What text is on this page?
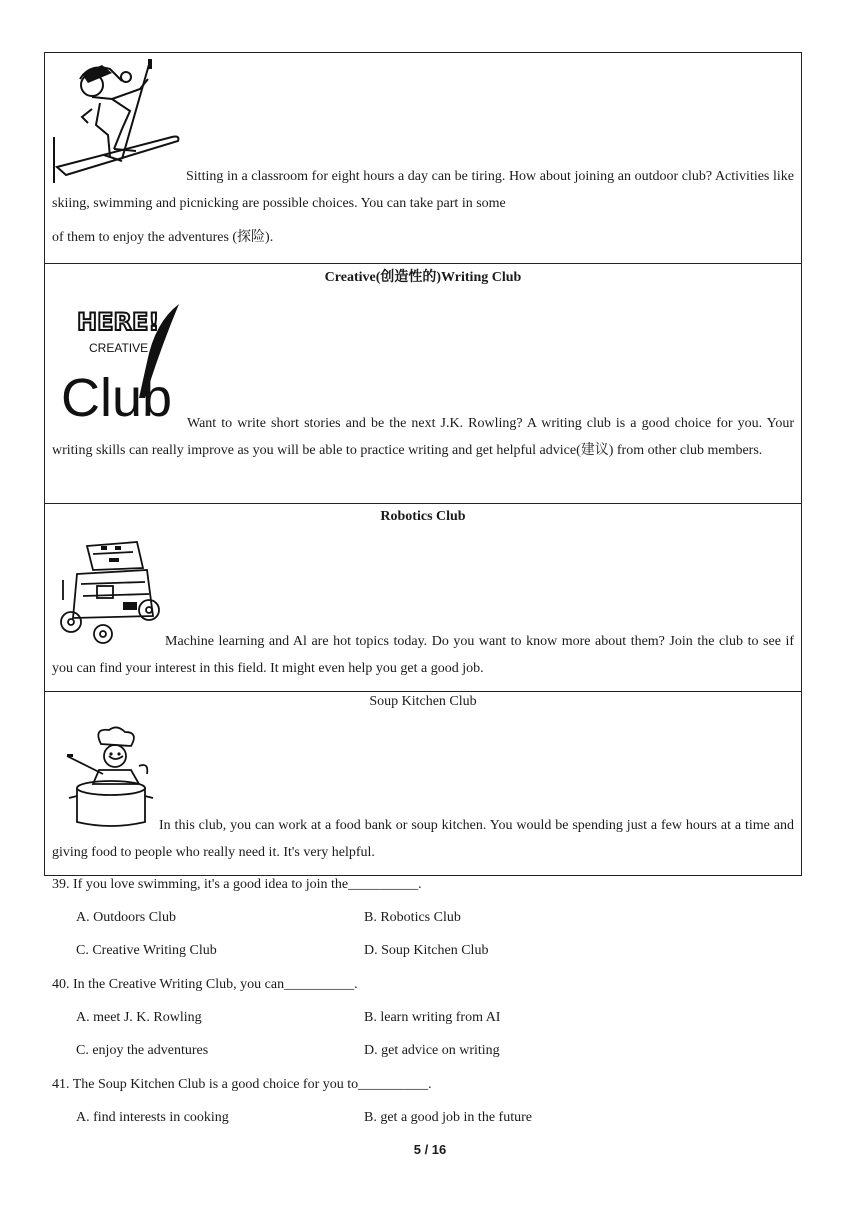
Sitting in a classroom for eight hours a day can be tiring. How about joining an outdoor club? Activities like skiing, swimming and picnicking are possible choices. You can take part in some
of them to enjoy the adventures (探险).
Creative(创造性的)Writing Club
HERE!
CREATIVE
Club	Want to write short stories and be the next J.K. Rowling? A writing club is a good choice for you. Your writing skills can really improve as you will be able to practice writing and get helpful advice(建议) from other club members.
Robotics Club
Machine learning and Al are hot topics today. Do you want to know more about them? Join the club to see if you can find your interest in this field. It might even help you get a good job.
Soup Kitchen Club
In this club, you can work at a food bank or soup kitchen. You would be spending just a few hours at a time and giving food to people who really need it. It's very helpful.
39. If you love swimming, it's a good idea to join the__________.
A. Outdoors Club	B. Robotics Club
C. Creative Writing Club	D. Soup Kitchen Club
40. In the Creative Writing Club, you can__________.
A. meet J. K. Rowling	B. learn writing from AI
C. enjoy the adventures	D. get advice on writing
41. The Soup Kitchen Club is a good choice for you to__________.
A. find interests in cooking	B. get a good job in the future
5 / 16
